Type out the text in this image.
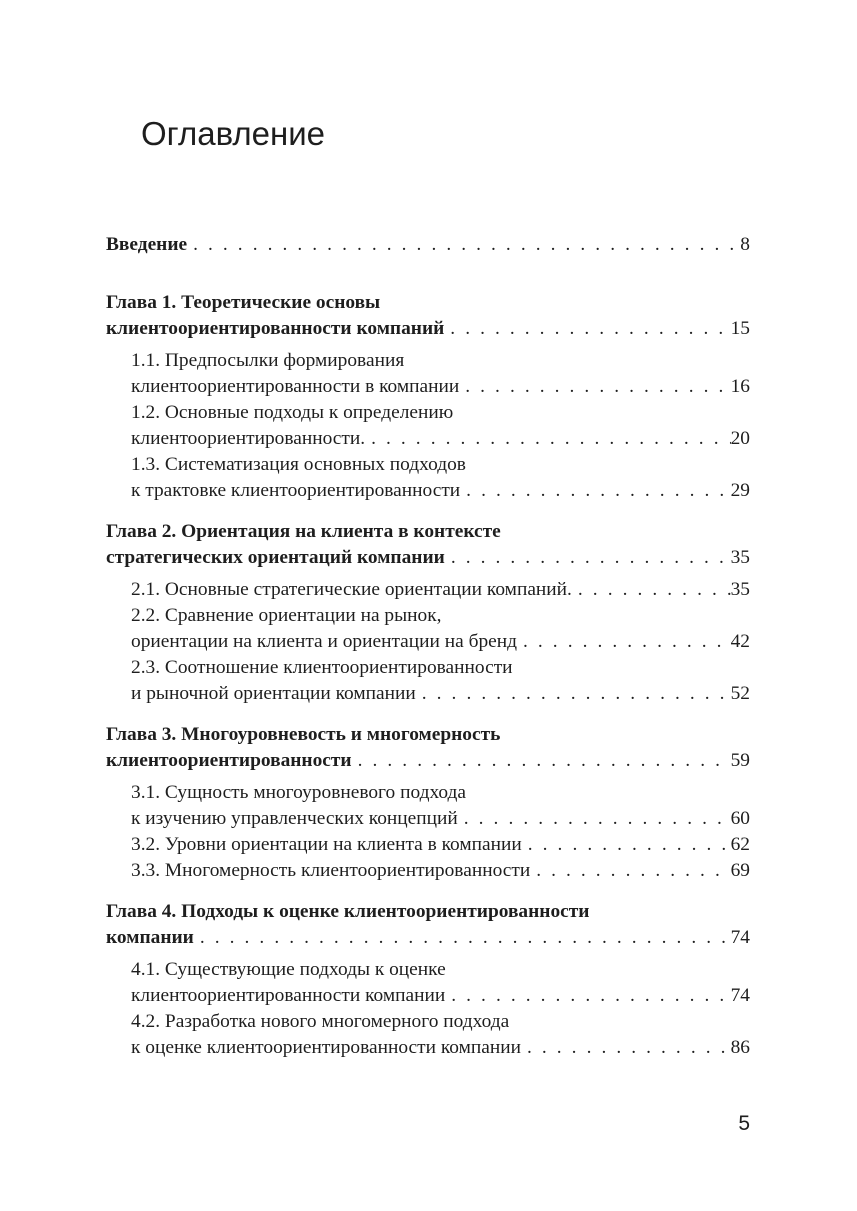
Оглавление
Введение . . .	8
Глава 1. Теоретические основы
клиентоориентированности компаний . . .	15
1.1. Предпосылки формирования
клиентоориентированности в компании . . .	16
1.2. Основные подходы к определению
клиентоориентированности. . . .	20
1.3. Систематизация основных подходов
к трактовке клиентоориентированности . . .	29
Глава 2. Ориентация на клиента в контексте
стратегических ориентаций компании . . .	35
2.1. Основные стратегические ориентации компаний. . . .	35
2.2. Сравнение ориентации на рынок,
ориентации на клиента и ориентации на бренд . . .	42
2.3. Соотношение клиентоориентированности
и рыночной ориентации компании . . .	52
Глава 3. Многоуровневость и многомерность
клиентоориентированности . . .	59
3.1. Сущность многоуровневого подхода
к изучению управленческих концепций . . .	60
3.2. Уровни ориентации на клиента в компании . . .	62
3.3. Многомерность клиентоориентированности . . .	69
Глава 4. Подходы к оценке клиентоориентированности
компании . . .	74
4.1. Существующие подходы к оценке
клиентоориентированности компании . . .	74
4.2. Разработка нового многомерного подхода
к оценке клиентоориентированности компании . . .	86
5
